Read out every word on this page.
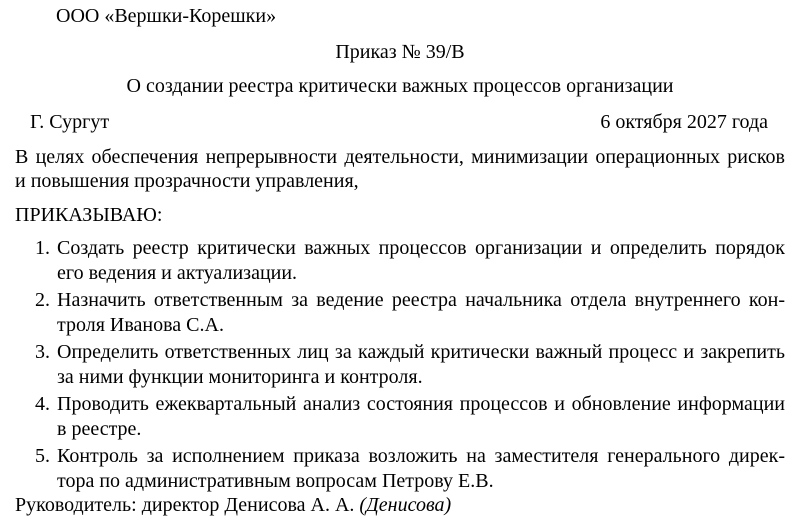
ООО «Вершки-Корешки»
Приказ № 39/В
О создании реестра критически важных процессов организации
Г. Сургут	6 октября 2027 года
В целях обеспечения непрерывности деятельности, минимизации операционных рисков
и повышения прозрачности управления,
ПРИКАЗЫВАЮ:
1. Создать реестр критически важных процессов организации и определить порядок
его ведения и актуализации.
2. Назначить ответственным за ведение реестра начальника отдела внутреннего кон-
троля Иванова С.А.
3. Определить ответственных лиц за каждый критически важный процесс и закрепить
за ними функции мониторинга и контроля.
4. Проводить ежеквартальный анализ состояния процессов и обновление информации
в реестре.
5. Контроль за исполнением приказа возложить на заместителя генерального дирек-
тора по административным вопросам Петрову Е.В.
Руководитель: директор Денисова А. А. (Денисова)
